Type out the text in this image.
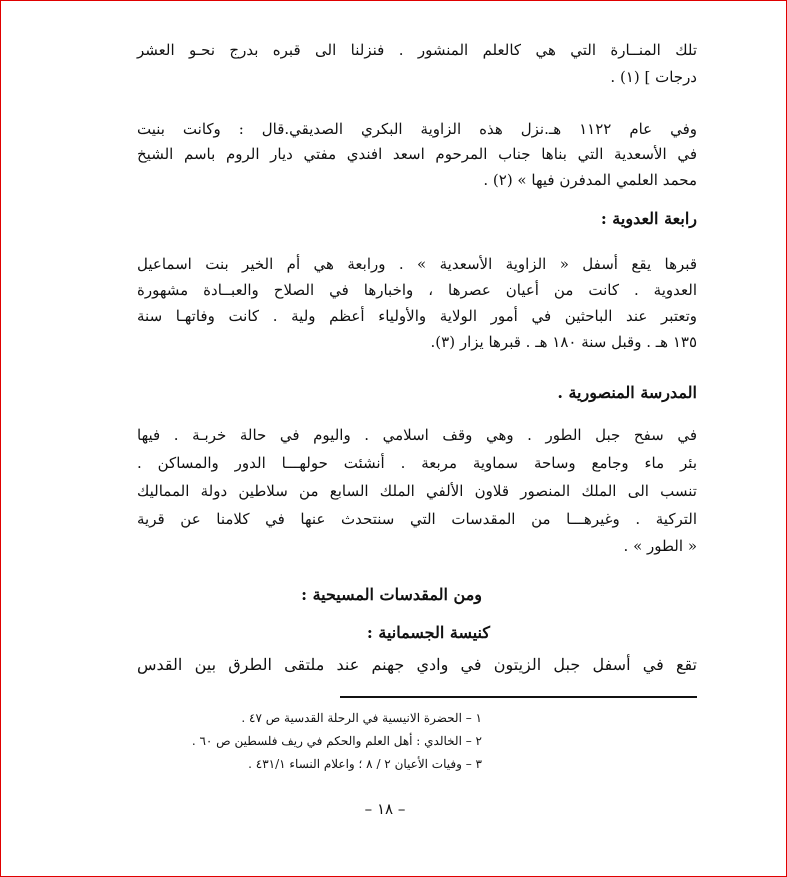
تلك المنــارة التي هي كالعلم المنشور . فنزلنا الى قبره بدرج نحـو العشر
درجات ] (١) .
وفي عام ١١٢٢ هـ.نزل هذه الزاوية البكري الصديقي.قال : وكانت بنيت
في الأسعدية التي بناها جناب المرحوم اسعد افندي مفتي ديار الروم باسم الشيخ
محمد العلمي المدفرن فيها » (٢) .
رابعة العدوية :
قبرها يقع أسفل « الزاوية الأسعدية » . ورابعة هي أم الخير بنت اسماعيل
العدوية . كانت من أعيان عصرها ، واخبارها في الصلاح والعبــادة مشهورة
وتعتبر عند الباحثين في أمور الولاية والأولياء أعظم ولية . كانت وفاتهـا سنة
١٣٥ هـ . وقبل سنة ١٨٠ هـ . قبرها يزار (٣).
المدرسة المنصورية .
في سفح جبل الطور . وهي وقف اسلامي . واليوم في حالة خربـة . فيها
بئر ماء وجامع وساحة سماوية مربعة . أنشئت حولهـــا الدور والمساكن .
تنسب الى الملك المنصور قلاون الألفي الملك السابع من سلاطين دولة المماليك
التركية . وغيرهـــا من المقدسات التي سنتحدث عنها في كلامنا عن قرية
« الطور » .
ومن المقدسات المسيحية :
كنيسة الجسمانية :
تقع في أسفل جبل الزيتون في وادي جهنم عند ملتقى الطرق بين القدس
١ – الحضرة الانيسية في الرحلة القدسية ص ٤٧ .
٢ – الخالدي : أهل العلم والحكم في ريف فلسطين ص ٦٠ .
٣ – وفيات الأعيان ٢ / ٨ ؛ واعلام النساء ٤٣١/١ .
– ١٨ –
